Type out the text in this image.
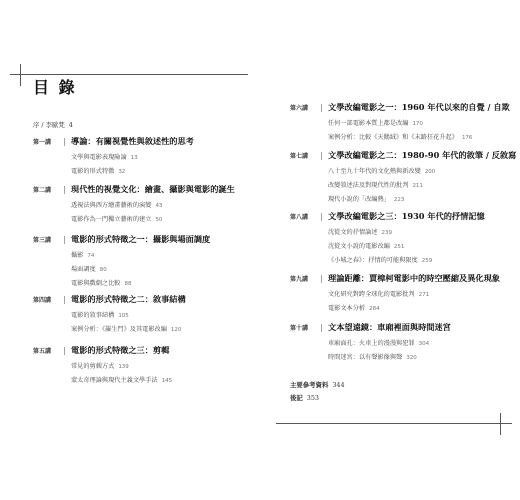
目 錄
序 / 李歐梵 4
第一講	| 導論：有關視覺性與敘述性的思考
文學與電影表現險論 13
電影的形式特徵 32
第二講	| 現代性的視覺文化：繪畫、攝影與電影的誕生
透視法與西方繪畫藝術的演變 43
電影作為一門獨立藝術的建立 50
第三講	| 電影的形式特徵之一：攝影與場面調度
攝影 74
場面調度 80
電影與戲劇之比較 88
第四講	| 電影的形式特徵之二：敘事結構
電影的敘事結構 105
案例分析：《羅生門》及其電影改編 120
第五講	| 電影的形式特徵之三：剪輯
常見的剪輯方式 139
蒙太奇理論與現代主義文學手法 145
第六講	| 文學改編電影之一：1960 年代以來的自覺 / 自欺
任何一部電影本質上都是改編 170
案例分析：比較《天鵝絨》和《末路狂花升起》 176
第七講	| 文學改編電影之二：1980-90 年代的敘筆 / 反敘寫
八十至九十年代的文化熱與新改變 200
改變敘述法及對現代性的批判 211
現代小說的「改編熱」 223
第八講	| 文學改編電影之三：1930 年代的抒情記憶
沈從文的抒情論述 239
沈從文小說的電影改編 251
《小城之春》：抒情的可能與限度 259
第九講	| 理論距離：賈樟柯電影中的時空壓縮及異化現象
文化研究對跨全球化的電影批判 271
電影文本分析 284
第十講	| 文本望遠鏡：車廂裡面與時間迷宮
車廂面孔：火車上的漫漫與犯罪 304
時間迷宮：以有聲影像與聲 320
主要參考資料 344
後記 353
